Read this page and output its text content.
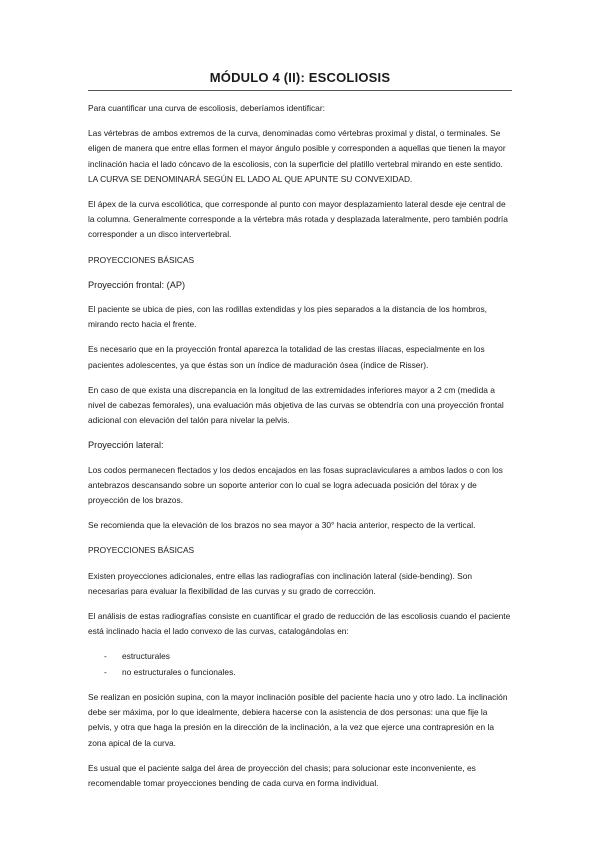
MÓDULO 4 (II): ESCOLIOSIS

Para cuantificar una curva de escoliosis, deberíamos identificar:

Las vértebras de ambos extremos de la curva, denominadas como vértebras proximal y distal, o terminales. Se eligen de manera que entre ellas formen el mayor ángulo posible y corresponden a aquellas que tienen la mayor inclinación hacia el lado cóncavo de la escoliosis, con la superficie del platillo vertebral mirando en este sentido. LA CURVA SE DENOMINARÁ SEGÚN EL LADO AL QUE APUNTE SU CONVEXIDAD.

El ápex de la curva escoliótica, que corresponde al punto con mayor desplazamiento lateral desde eje central de la columna. Generalmente corresponde a la vértebra más rotada y desplazada lateralmente, pero también podría corresponder a un disco intervertebral.

PROYECCIONES BÁSICAS

Proyección frontal: (AP)

El paciente se ubica de pies, con las rodillas extendidas y los pies separados a la distancia de los hombros, mirando recto hacia el frente.

Es necesario que en la proyección frontal aparezca la totalidad de las crestas ilíacas, especialmente en los pacientes adolescentes, ya que éstas son un índice de maduración ósea (índice de Risser).

En caso de que exista una discrepancia en la longitud de las extremidades inferiores mayor a 2 cm (medida a nivel de cabezas femorales), una evaluación más objetiva de las curvas se obtendría con una proyección frontal adicional con elevación del talón para nivelar la pelvis.

Proyección lateral:

Los codos permanecen flectados y los dedos encajados en las fosas supraclaviculares a ambos lados o con los antebrazos descansando sobre un soporte anterior con lo cual se logra adecuada posición del tórax y de proyección de los brazos.

Se recomienda que la elevación de los brazos no sea mayor a 30° hacia anterior, respecto de la vertical.

PROYECCIONES BÁSICAS

Existen proyecciones adicionales, entre ellas las radiografías con inclinación lateral (side-bending). Son necesarias para evaluar la flexibilidad de las curvas y su grado de corrección.

El análisis de estas radiografías consiste en cuantificar el grado de reducción de las escoliosis cuando el paciente está inclinado hacia el lado convexo de las curvas, catalogándolas en:

- estructurales
- no estructurales o funcionales.

Se realizan en posición supina, con la mayor inclinación posible del paciente hacia uno y otro lado. La inclinación debe ser máxima, por lo que idealmente, debiera hacerse con la asistencia de dos personas: una que fije la pelvis, y otra que haga la presión en la dirección de la inclinación, a la vez que ejerce una contrapresión en la zona apical de la curva.

Es usual que el paciente salga del área de proyección del chasis; para solucionar este inconveniente, es recomendable tomar proyecciones bending de cada curva en forma individual.
